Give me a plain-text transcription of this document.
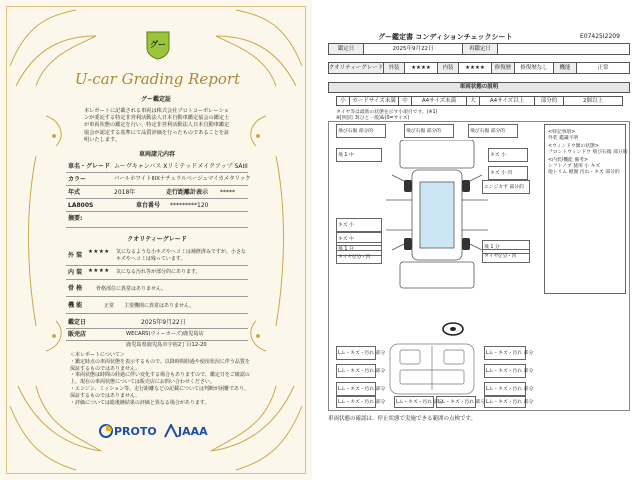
グー
U-car Grading Report
グー鑑定証
本レポートに記載される車両は株式会社プロトコーポレーションが委託する特定非営利活動法人日本自動車鑑定協会の鑑定士が車両状態の鑑定を行い、特定非営利活動法人日本自動車鑑定協会が認定する基準にて品質評価を行ったものであることを証明いたします。
車両諸元内容
車名・グレード ムーヴキャンバス Xリミテッドメイクアップ SAIII
カラー	パールホワイトIIIXナチュラルベージュマイカメタリック
年式	2018年	走行距離計表示 *****
LA800S	車台番号 *********120
摘要:
クオリティーグレード
外 装 ★★★★ 気になるような小キズやヘコミは補修済みですが、小さなキズやヘコミは残っています。
内 装 ★★★★ 気になる汚れ等が部分的にあります。
骨 格	骨格部位に異常はありません。
機 能	正常 主要機関に異常はありません。
鑑定日	2025年9月22日
販売店	WECARS(ウィーカーズ)鹿児島店
鹿児島県鹿児島市宇宿2丁目12-20
＜本レポートについて＞
・鑑定時点の車両状態を表示するもので、以降時間経過や使用状況に伴う品質を保証するものではありません。
・車両状態は時間の経過に伴い変化する場合もありますので、鑑定日をご確認の上、現在の車両状態については販売店にお問い合わせください。
・エンジン、ミッション等、走行距離などの記載については判断が困難であり、保証するものではありません。
・評価については総後継結果の評価と異なる場合があります。
PROTO JAAA
グー鑑定書 コンディションチェックシート	E07425I2209
鑑定日	2025年9月22日	再鑑定日
クオリティーグレード 外装	★★★★	内装	★★★★	修復歴	修復歴なし	機能	正常
車両状態の説明
小	カードサイズ未満	中	A4サイズ未満	大	A4サイズ以上	部分的	2個以上
タイヤ等は最新の状態を示す小項目です。(※1)
※[例]有 3(ひと一般)&(0=サイズ)
飛び石傷 部分的	飛び石傷 部分的	飛び石傷 部分的
飛 1 中
キズ 小
キズ 中
飛 1 分
タイヤ(凸)・凹
キズ 小
キズ 小 凹
エンジカず 部分的
飛 1 分
タイヤ(凸)・凹
<特記事項>
外装 鑑識不明
<ウィンドウ類の状態>
フロントウィンドウ 飛び石傷 部分的
<内装/機能 備考>
シフトノブ 使用 小 キズ
他トリム 軽微 汚れ・キズ 部分的
Lム・キズ・汚れ 部分
Lム・キズ・汚れ 部分
Lム・キズ・汚れ 部分
Lム・キズ・汚れ 部分
Lム・キズ・汚れ 部分
Lム・キズ・汚れ 部分
Lム・キズ・汚れ 部分
Lム・キズ・汚れ 部分
Lム・キズ・汚れ 部分
Lム・キズ・汚れ 部分
車両状態の確認は、停止状態で実施できる範囲の点検です。
